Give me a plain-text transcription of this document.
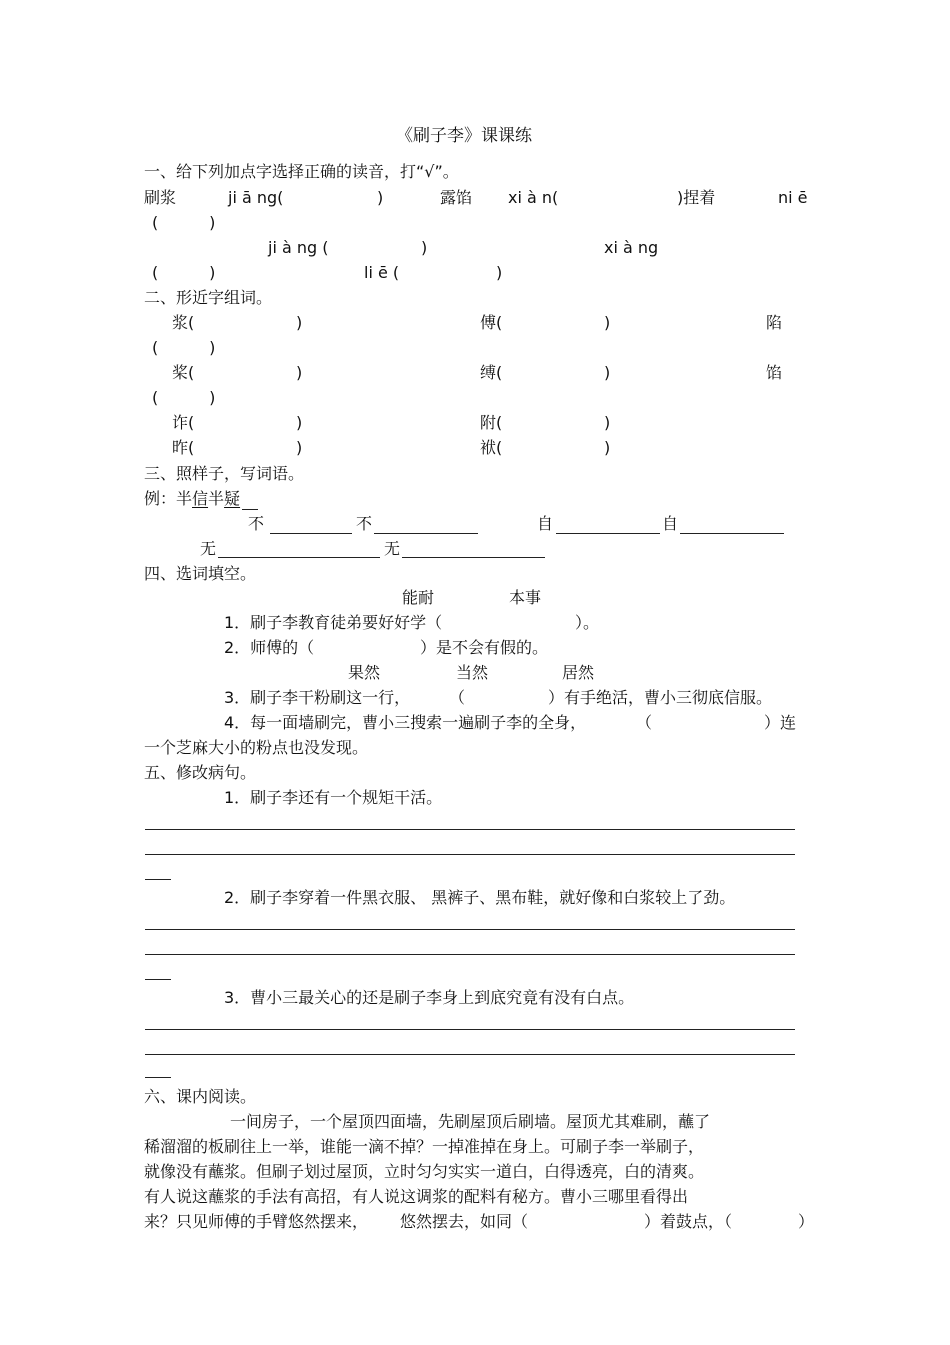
《刷子李》课课练
一、给下列加点字选择正确的读音，打“√”。
刷浆	ji ā ng(	)	露馅 xi à n(	)捏着	ni ē
(          )
ji à ng (	)	xi à ng
(          )	li ē (	)
二、形近字组词。
浆(	)	傅(	)	陷
(          )
桨(	)	缚(	)	馅
(          )
诈(	)	附(	)
昨(	)	袱(	)
三、照样子，写词语。
例：半信半疑
不	不	自	自
无	无
四、选词填空。
能耐	本事
1．刷子李教育徒弟要好好学（	）。
2．师傅的（	）是不会有假的。
果然	当然	居然
3．刷子李干粉刷这一行， （	）有手绝活，曹小三彻底信服。
4．每一面墙刷完，曹小三搜索一遍刷子李的全身，	（	）连
一个芝麻大小的粉点也没发现。
五、修改病句。
1．刷子李还有一个规矩干活。
2．刷子李穿着一件黑衣服、 黑裤子、黑布鞋，就好像和白浆较上了劲。
3．曹小三最关心的还是刷子李身上到底究竟有没有白点。
六、课内阅读。
一间房子，一个屋顶四面墙，先刷屋顶后刷墙。屋顶尤其难刷，蘸了
稀溜溜的板刷往上一举，谁能一滴不掉？一掉准掉在身上。可刷子李一举刷子，
就像没有蘸浆。但刷子划过屋顶，立时匀匀实实一道白，白得透亮，白的清爽。
有人说这蘸浆的手法有高招，有人说这调浆的配料有秘方。曹小三哪里看得出
来？只见师傅的手臂悠然摆来， 悠然摆去，如同（	）着鼓点，（	）
